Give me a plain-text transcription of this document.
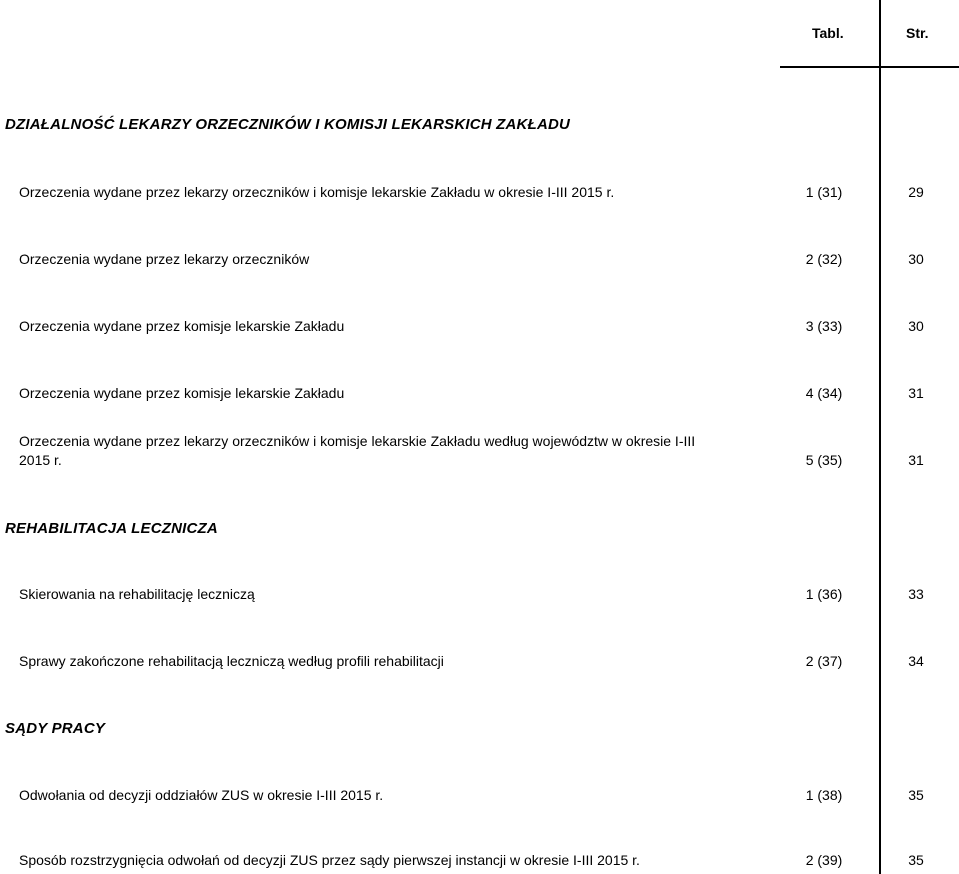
Tabl.	Str.
DZIAŁALNOŚĆ LEKARZY ORZECZNIKÓW I KOMISJI LEKARSKICH ZAKŁADU
Orzeczenia wydane przez lekarzy orzeczników i komisje lekarskie Zakładu w okresie I-III 2015 r.	1 (31)	29
Orzeczenia wydane przez lekarzy orzeczników	2 (32)	30
Orzeczenia wydane przez komisje lekarskie Zakładu	3 (33)	30
Orzeczenia wydane przez komisje lekarskie Zakładu	4 (34)	31
Orzeczenia wydane przez lekarzy orzeczników i komisje lekarskie Zakładu według województw w okresie I-III
2015 r.	5 (35)	31
REHABILITACJA LECZNICZA
Skierowania na rehabilitację leczniczą	1 (36)	33
Sprawy zakończone rehabilitacją leczniczą według profili rehabilitacji	2 (37)	34
SĄDY PRACY
Odwołania od decyzji oddziałów ZUS w okresie I-III 2015 r.	1 (38)	35
Sposób rozstrzygnięcia odwołań od decyzji ZUS przez sądy pierwszej instancji w okresie I-III 2015 r.	2 (39)	35
